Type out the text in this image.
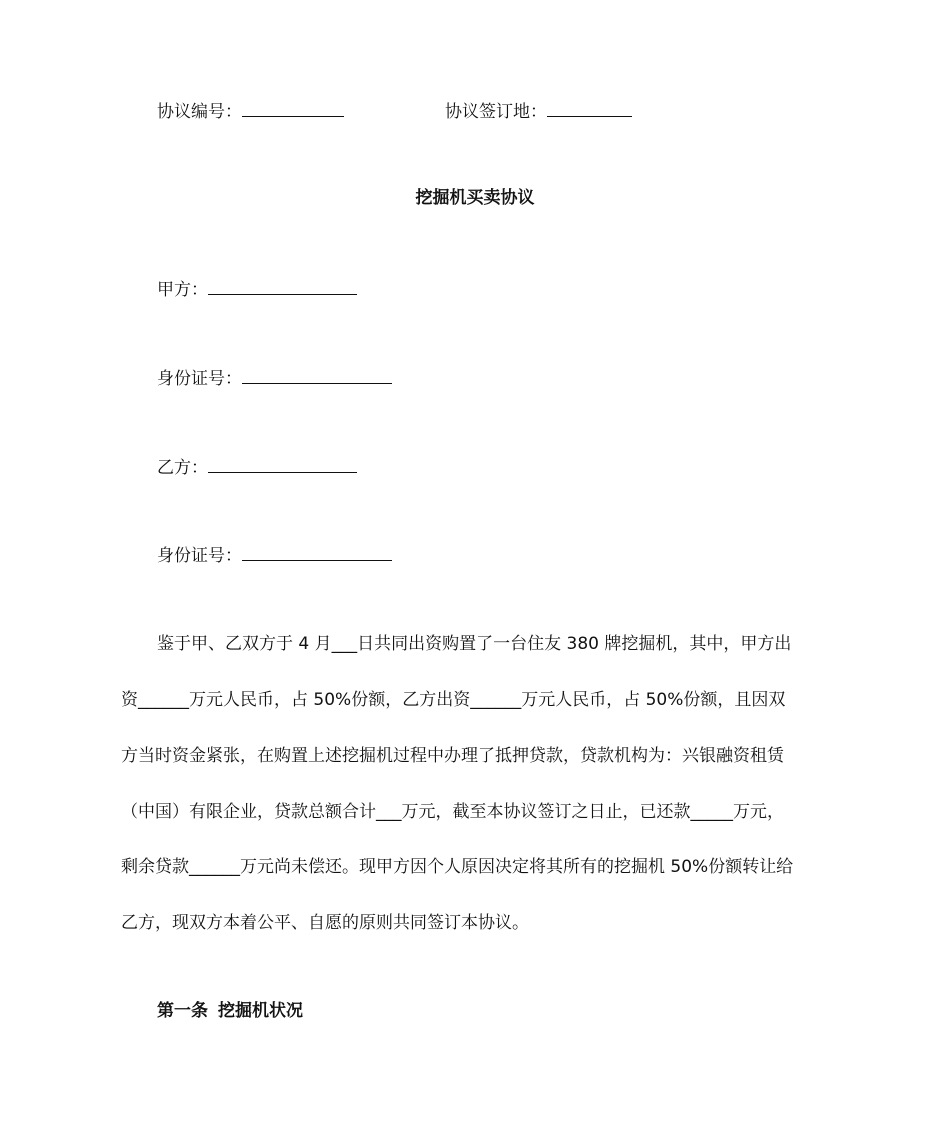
协议编号：	协议签订地：
挖掘机买卖协议
甲方：
身份证号：
乙方：
身份证号：
鉴于甲、乙双方于 4 月___日共同出资购置了一台住友 380 牌挖掘机，其中，甲方出
资______万元人民币，占 50%份额，乙方出资______万元人民币，占 50%份额，且因双
方当时资金紧张，在购置上述挖掘机过程中办理了抵押贷款，贷款机构为：兴银融资租赁
（中国）有限企业，贷款总额合计___万元，截至本协议签订之日止，已还款_____万元，
剩余贷款______万元尚未偿还。现甲方因个人原因决定将其所有的挖掘机 50%份额转让给
乙方，现双方本着公平、自愿的原则共同签订本协议。
第一条 挖掘机状况
